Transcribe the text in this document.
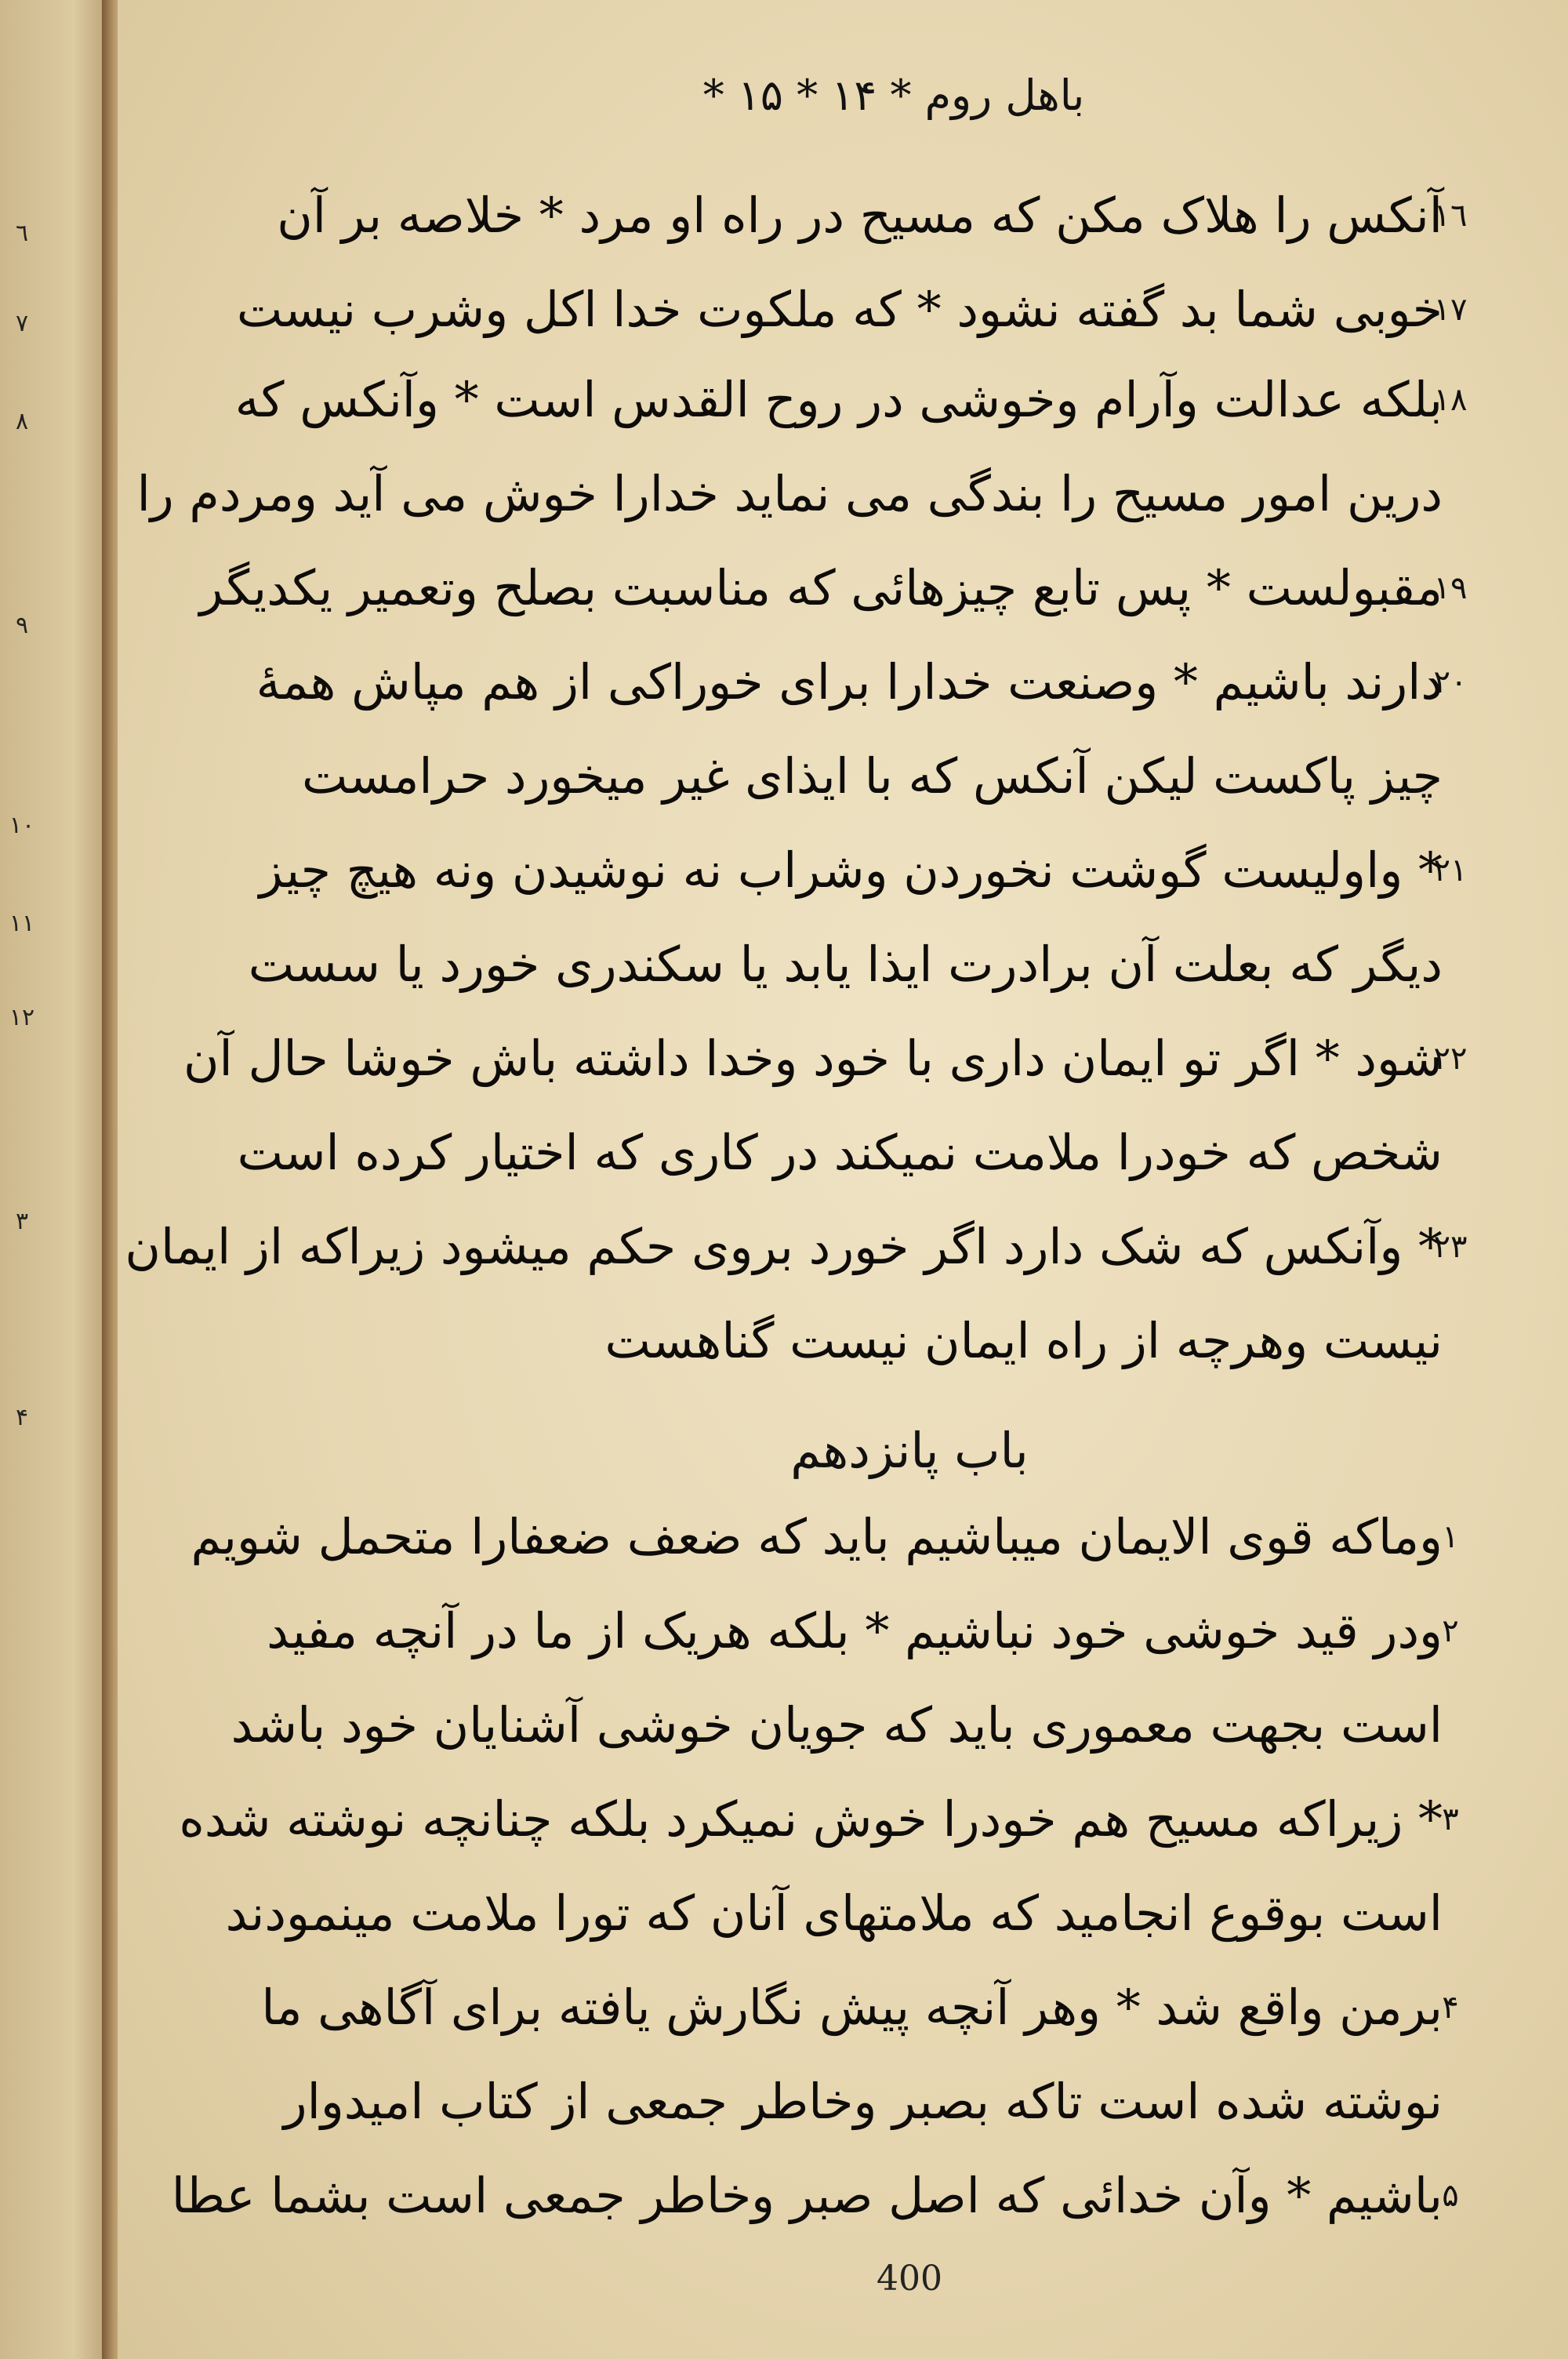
٦
٧
٨
٩
١٠
١١
١٢
٣
۴
باهل روم * ١۴ * ١۵ *
١٦
آنکس را هلاک مکن که مسیح در راه او مرد * خلاصه بر آن
١٧
خوبی شما بد گفته نشود * که ملکوت خدا اکل وشرب نیست
١٨
بلکه عدالت وآرام وخوشی در روح القدس است * وآنکس که
درین امور مسیح را بندگی می نماید خدارا خوش می آید ومردم را
١٩
مقبولست * پس تابع چیزهائی که مناسبت بصلح وتعمیر یکدیگر
٢٠
دارند باشیم * وصنعت خدارا برای خوراکی از هم مپاش همهٔ
چیز پاکست لیکن آنکس که با ایذای غیر میخورد حرامست
٢١
* واولیست گوشت نخوردن وشراب نه نوشیدن ونه هیچ چیز
دیگر که بعلت آن برادرت ایذا یابد یا سکندری خورد یا سست
٢٢
شود * اگر تو ایمان داری با خود وخدا داشته باش خوشا حال آن
شخص که خودرا ملامت نمیکند در کاری که اختیار کرده است
٢٣
* وآنکس که شک دارد اگر خورد بروی حکم میشود زیراکه از ایمان
نیست وهرچه از راه ایمان نیست گناهست
باب پانزدهم
١
وماکه قوی الایمان میباشیم باید که ضعف ضعفارا متحمل شویم
٢
ودر قید خوشی خود نباشیم * بلکه هریک از ما در آنچه مفید
است بجهت معموری باید که جویان خوشی آشنایان خود باشد
٣
* زیراکه مسیح هم خودرا خوش نمیکرد بلکه چنانچه نوشته شده
است بوقوع انجامید که ملامتهای آنان که تورا ملامت مینمودند
۴
برمن واقع شد * وهر آنچه پیش نگارش یافته برای آگاهی ما
نوشته شده است تاکه بصبر وخاطر جمعی از کتاب امیدوار
۵
باشیم * وآن خدائی که اصل صبر وخاطر جمعی است بشما عطا
400
